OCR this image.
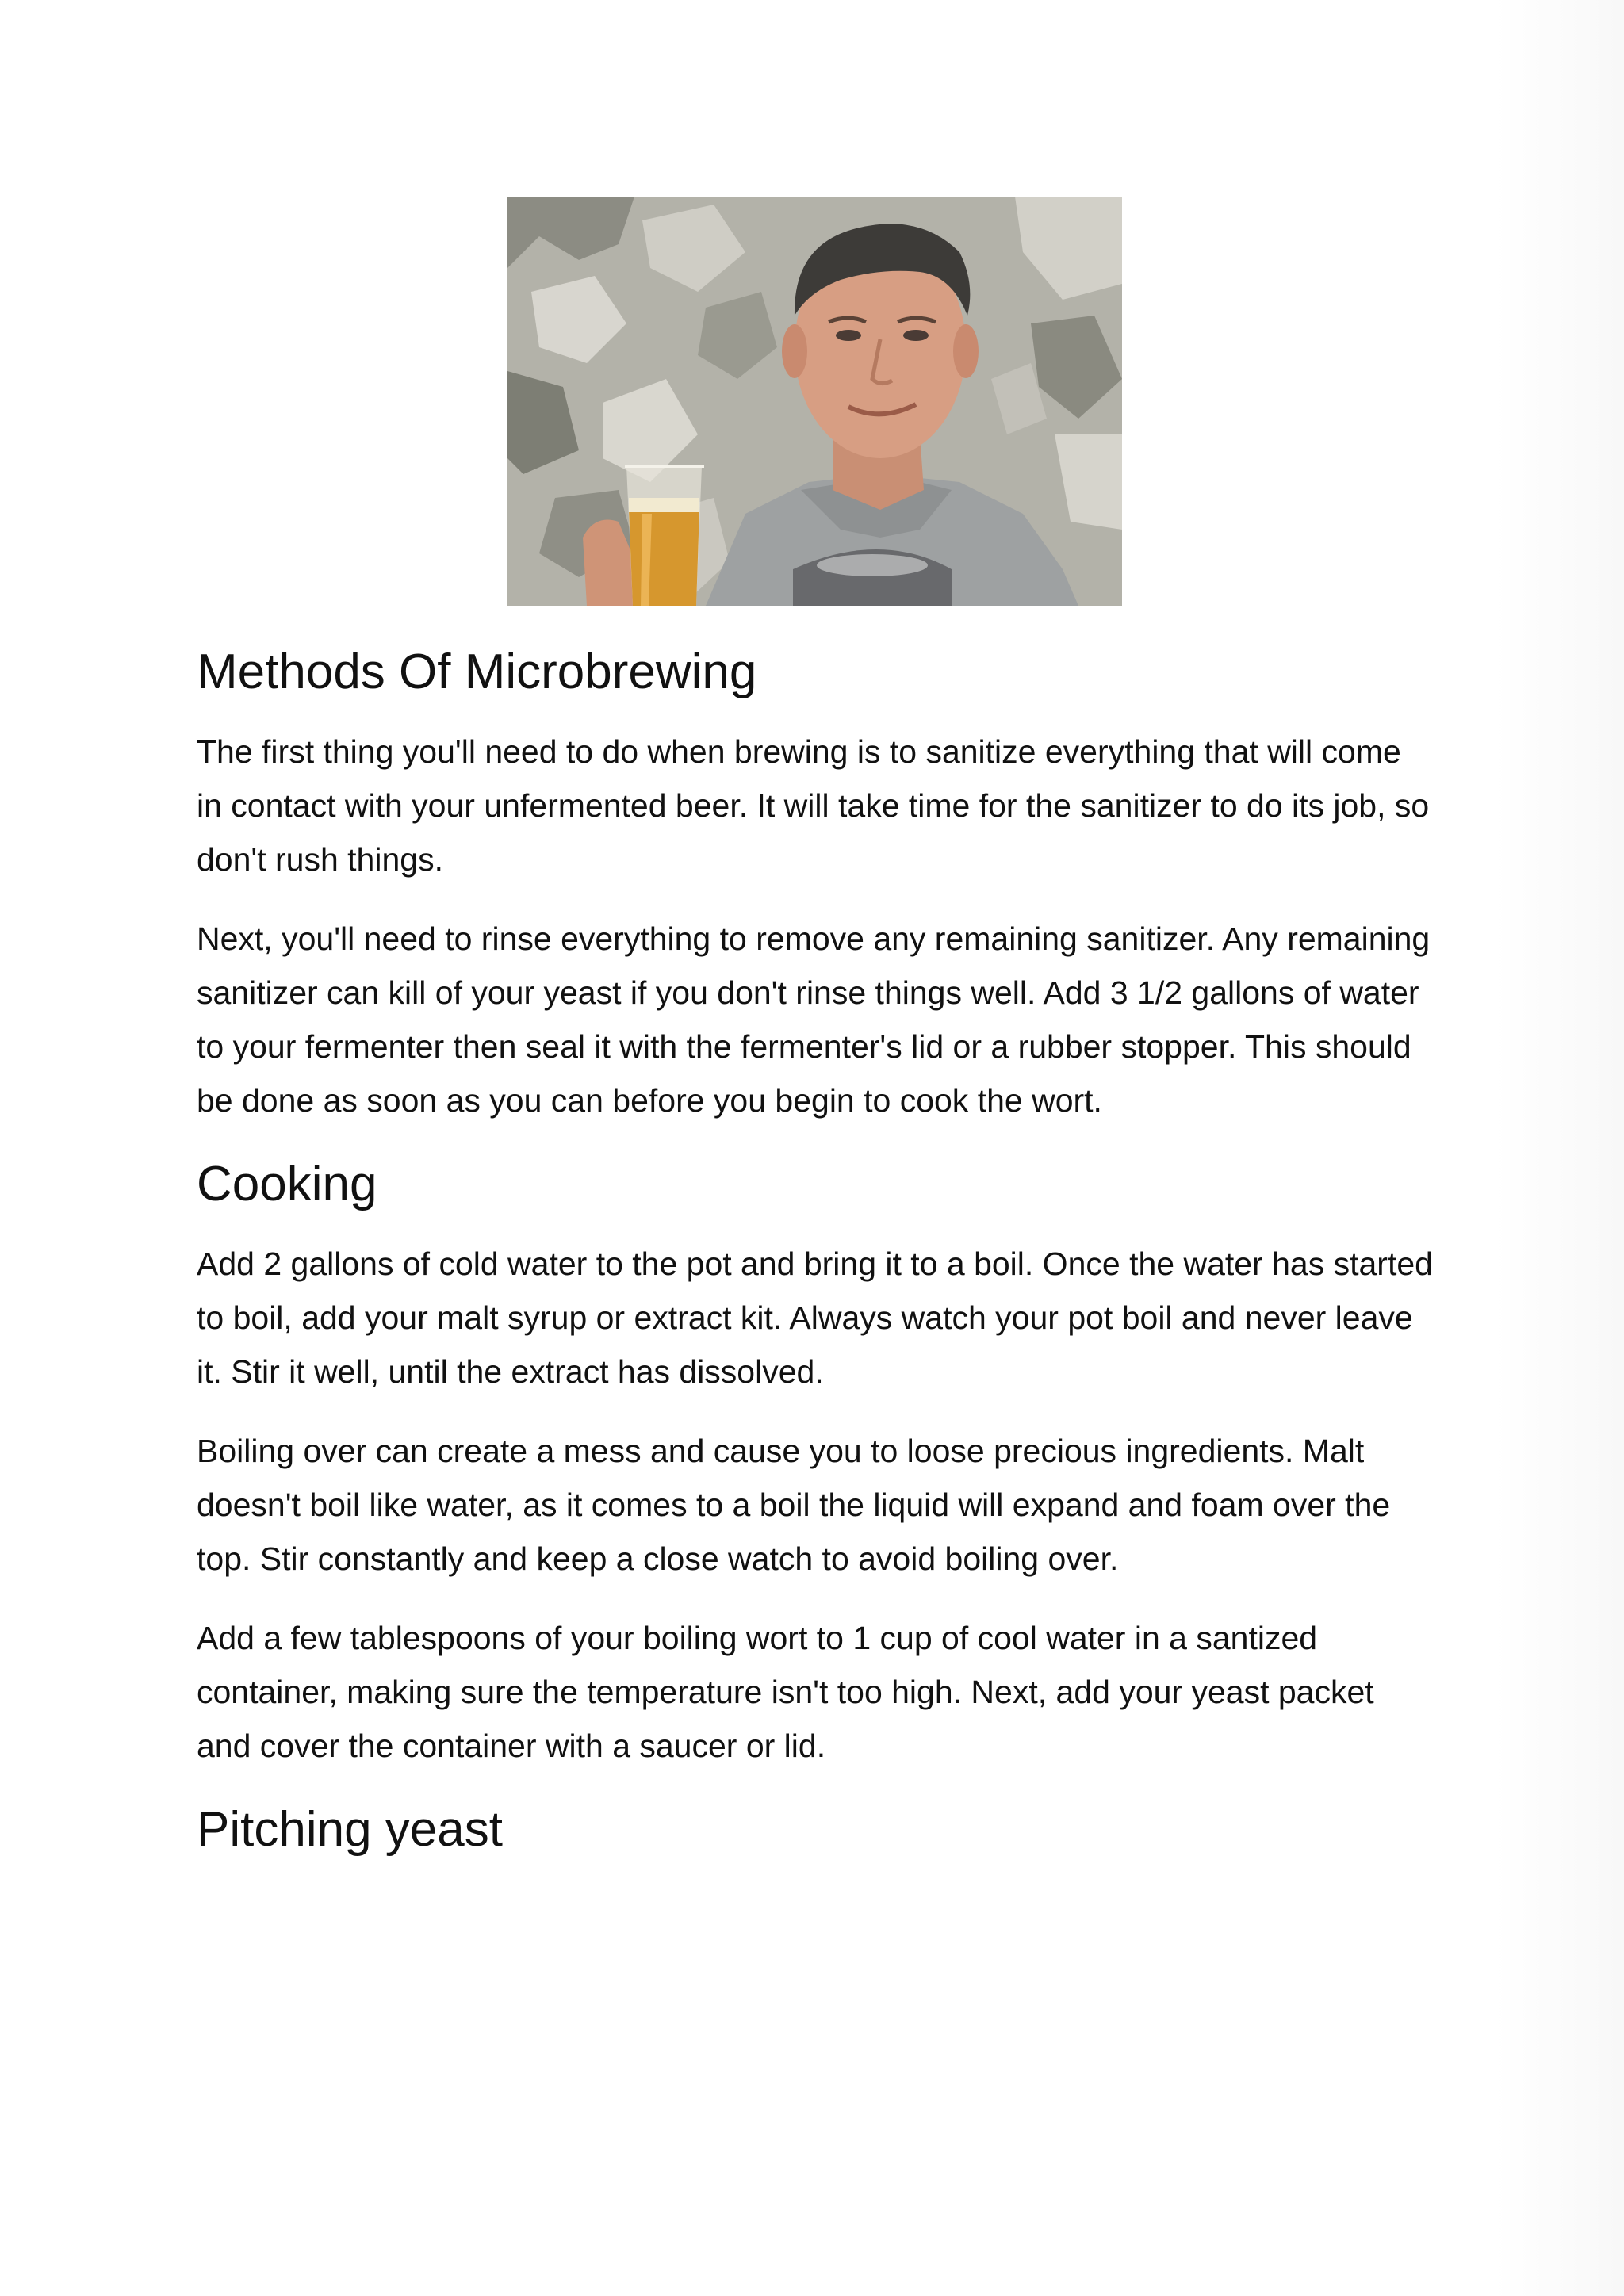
Methods Of Microbrewing

The first thing you'll need to do when brewing is to sanitize everything that will come in contact with your unfermented beer. It will take time for the sanitizer to do its job, so don't rush things.

Next, you'll need to rinse everything to remove any remaining sanitizer. Any remaining sanitizer can kill of your yeast if you don't rinse things well. Add 3 1/2 gallons of water to your fermenter then seal it with the fermenter's lid or a rubber stopper. This should be done as soon as you can before you begin to cook the wort.

Cooking

Add 2 gallons of cold water to the pot and bring it to a boil. Once the water has started to boil, add your malt syrup or extract kit. Always watch your pot boil and never leave it. Stir it well, until the extract has dissolved.

Boiling over can create a mess and cause you to loose precious ingredients. Malt doesn't boil like water, as it comes to a boil the liquid will expand and foam over the top. Stir constantly and keep a close watch to avoid boiling over.

Add a few tablespoons of your boiling wort to 1 cup of cool water in a santized container, making sure the temperature isn't too high. Next, add your yeast packet and cover the container with a saucer or lid.

Pitching yeast
